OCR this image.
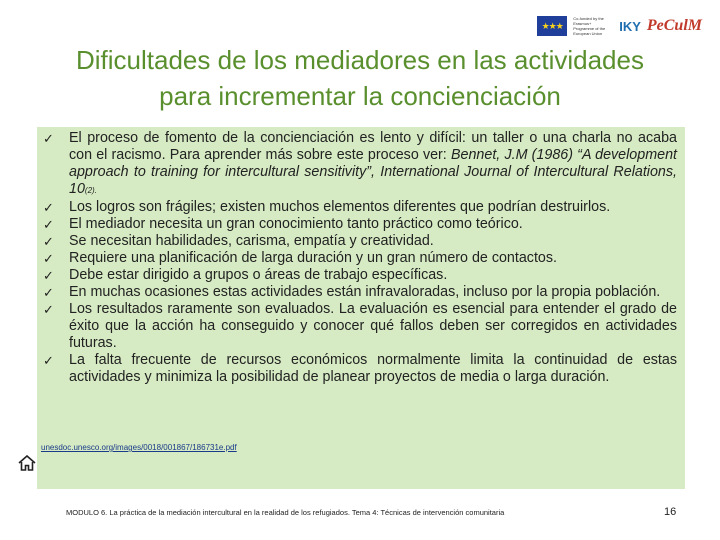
★★★
Co-funded by the Erasmus+ Programme of the European Union	IKY PeCulM
Dificultades de los mediadores en las actividades
para incrementar la concienciación
✓ El proceso de fomento de la concienciación es lento y difícil: un taller o una charla no acaba con el racismo. Para aprender más sobre este proceso ver: Bennet, J.M (1986) “A development approach to training for intercultural sensitivity”, International Journal of Intercultural Relations, 10(2).
✓ Los logros son frágiles; existen muchos elementos diferentes que podrían destruirlos.
✓ El mediador necesita un gran conocimiento tanto práctico como teórico.
✓ Se necesitan habilidades, carisma, empatía y creatividad.
✓ Requiere una planificación de larga duración y un gran número de contactos.
✓ Debe estar dirigido a grupos o áreas de trabajo específicas.
✓ En muchas ocasiones estas actividades están infravaloradas, incluso por la propia población.
✓ Los resultados raramente son evaluados. La evaluación es esencial para entender el grado de éxito que la acción ha conseguido y conocer qué fallos deben ser corregidos en actividades futuras.
✓ La falta frecuente de recursos económicos normalmente limita la continuidad de estas actividades y minimiza la posibilidad de planear proyectos de media o larga duración.
unesdoc.unesco.org/images/0018/001867/186731e.pdf
MODULO 6. La práctica de la mediación intercultural en la realidad de los refugiados. Tema 4: Técnicas de intervención comunitaria	16
